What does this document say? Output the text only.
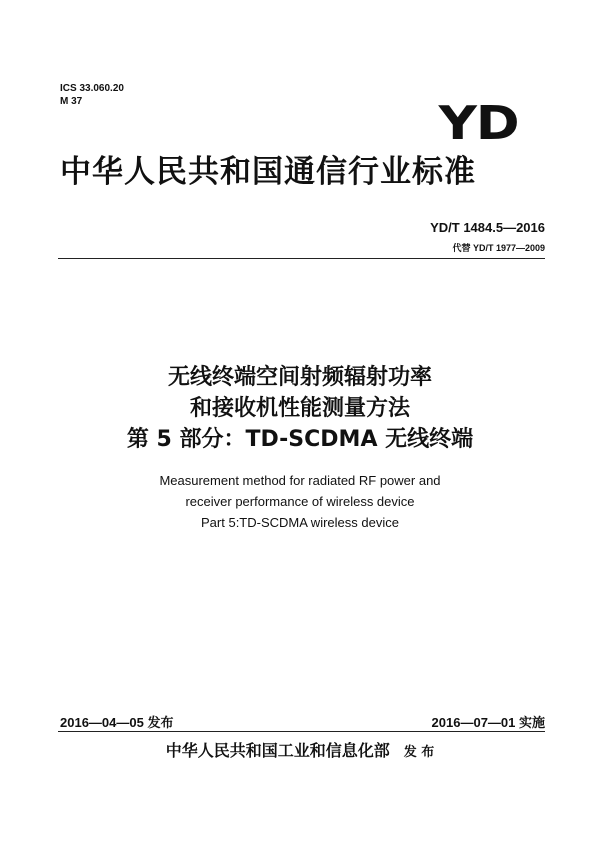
ICS 33.060.20
M 37	YD
中华人民共和国通信行业标准
YD/T 1484.5—2016
代替 YD/T 1977—2009
无线终端空间射频辐射功率
和接收机性能测量方法
第 5 部分：TD-SCDMA 无线终端
Measurement method for radiated RF power and
receiver performance of wireless device
Part 5:TD-SCDMA wireless device
2016—04—05 发布	2016—07—01 实施
中华人民共和国工业和信息化部 发 布
